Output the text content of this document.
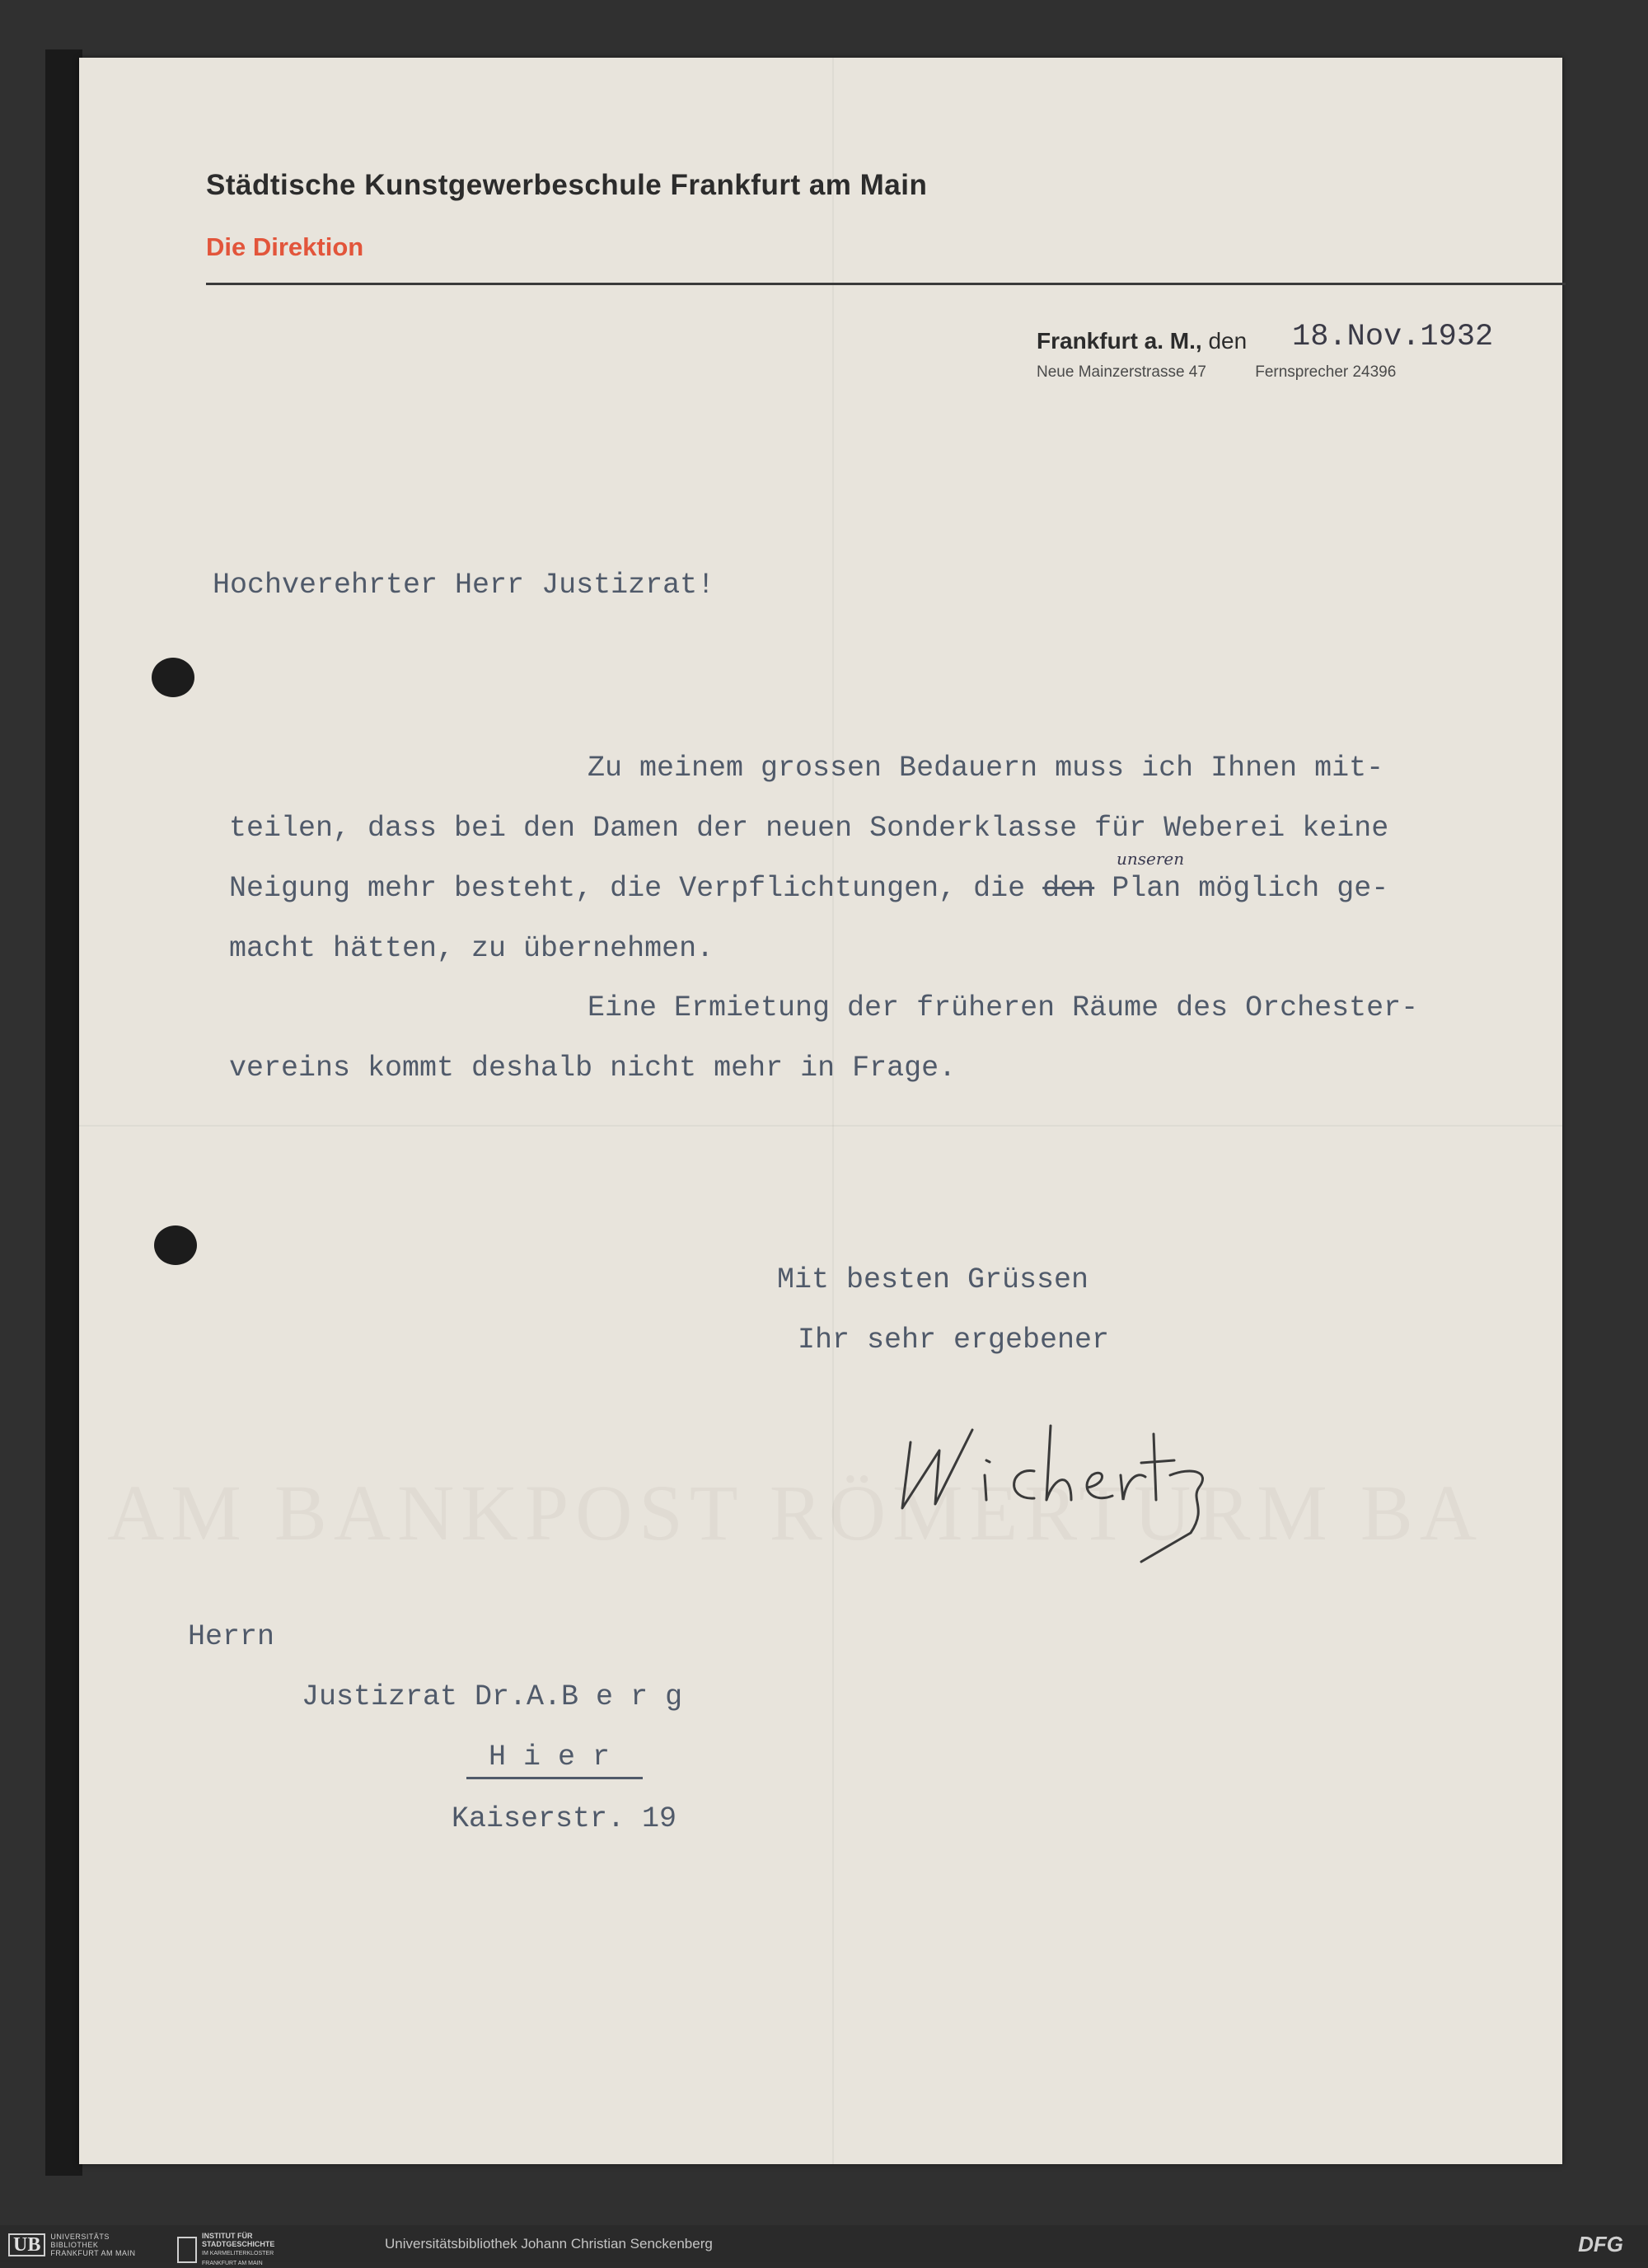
AM BANKPOST RÖMERTURM BA
Städtische Kunstgewerbeschule Frankfurt am Main
Die Direktion
Frankfurt a. M., den 18.Nov.1932
Neue Mainzerstrasse 47	Fernsprecher 24396
Hochverehrter Herr Justizrat!
Zu meinem grossen Bedauern muss ich Ihnen mit-
teilen, dass bei den Damen der neuen Sonderklasse für Weberei keine
Neigung mehr besteht, die Verpflichtungen, die den Plan möglich ge-
unseren
macht hätten, zu übernehmen.
Eine Ermietung der früheren Räume des Orchester-
vereins kommt deshalb nicht mehr in Frage.
Mit besten Grüssen
Ihr sehr ergebener
Herrn
Justizrat Dr.A.B e r g
H i e r
Kaiserstr. 19
UB	UNIVERSITÄTS
BIBLIOTHEK
FRANKFURT AM MAIN
INSTITUT FÜR
STADTGESCHICHTE
IM KARMELITERKLOSTER
FRANKFURT AM MAIN
Universitätsbibliothek Johann Christian Senckenberg	DFG
